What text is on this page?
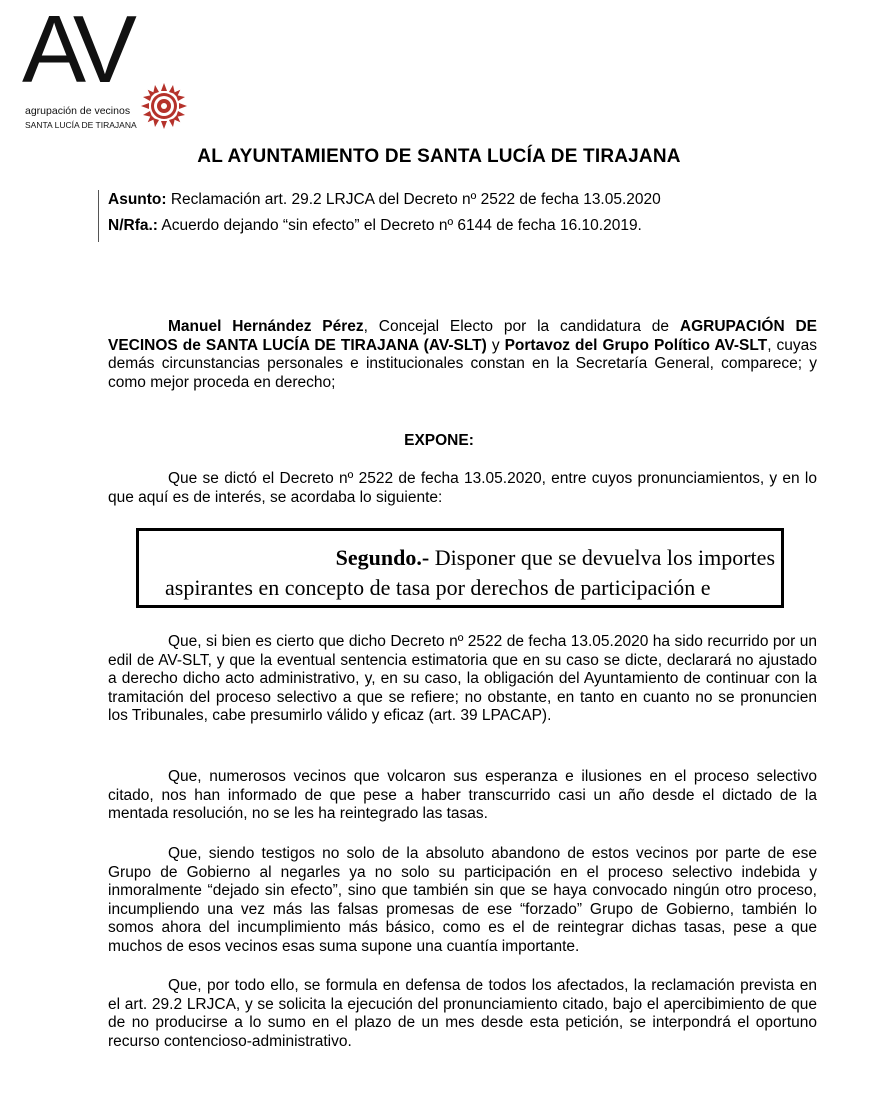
AV
agrupación de vecinos
SANTA LUCÍA DE TIRAJANA
AL AYUNTAMIENTO DE SANTA LUCÍA DE TIRAJANA

Asunto: Reclamación art. 29.2 LRJCA del Decreto nº 2522 de fecha 13.05.2020

N/Rfa.: Acuerdo dejando “sin efecto” el Decreto nº 6144 de fecha 16.10.2019.

Manuel Hernández Pérez, Concejal Electo por la candidatura de AGRUPACIÓN DE VECINOS de SANTA LUCÍA DE TIRAJANA (AV-SLT) y Portavoz del Grupo Político AV-SLT, cuyas demás circunstancias personales e institucionales constan en la Secretaría General, comparece; y como mejor proceda en derecho;
EXPONE:
Que se dictó el Decreto nº 2522 de fecha 13.05.2020, entre cuyos pronunciamientos, y en lo que aquí es de interés, se acordaba lo siguiente:
Segundo.- Disponer que se devuelva los importes
aspirantes en concepto de tasa por derechos de participación e
Que, si bien es cierto que dicho Decreto nº 2522 de fecha 13.05.2020 ha sido recurrido por un edil de AV-SLT, y que la eventual sentencia estimatoria que en su caso se dicte, declarará no ajustado a derecho dicho acto administrativo, y, en su caso, la obligación del Ayuntamiento de continuar con la tramitación del proceso selectivo a que se refiere; no obstante, en tanto en cuanto no se pronuncien los Tribunales, cabe presumirlo válido y eficaz (art. 39 LPACAP).
Que, numerosos vecinos que volcaron sus esperanza e ilusiones en el proceso selectivo citado, nos han informado de que pese a haber transcurrido casi un año desde el dictado de la mentada resolución, no se les ha reintegrado las tasas.
Que, siendo testigos no solo de la absoluto abandono de estos vecinos por parte de ese Grupo de Gobierno al negarles ya no solo su participación en el proceso selectivo indebida y inmoralmente “dejado sin efecto”, sino que también sin que se haya convocado ningún otro proceso, incumpliendo una vez más las falsas promesas de ese “forzado” Grupo de Gobierno, también lo somos ahora del incumplimiento más básico, como es el de reintegrar dichas tasas, pese a que muchos de esos vecinos esas suma supone una cuantía importante.
Que, por todo ello, se formula en defensa de todos los afectados, la reclamación prevista en el art. 29.2 LRJCA, y se solicita la ejecución del pronunciamiento citado, bajo el apercibimiento de que de no producirse a lo sumo en el plazo de un mes desde esta petición, se interpondrá el oportuno recurso contencioso-administrativo.
